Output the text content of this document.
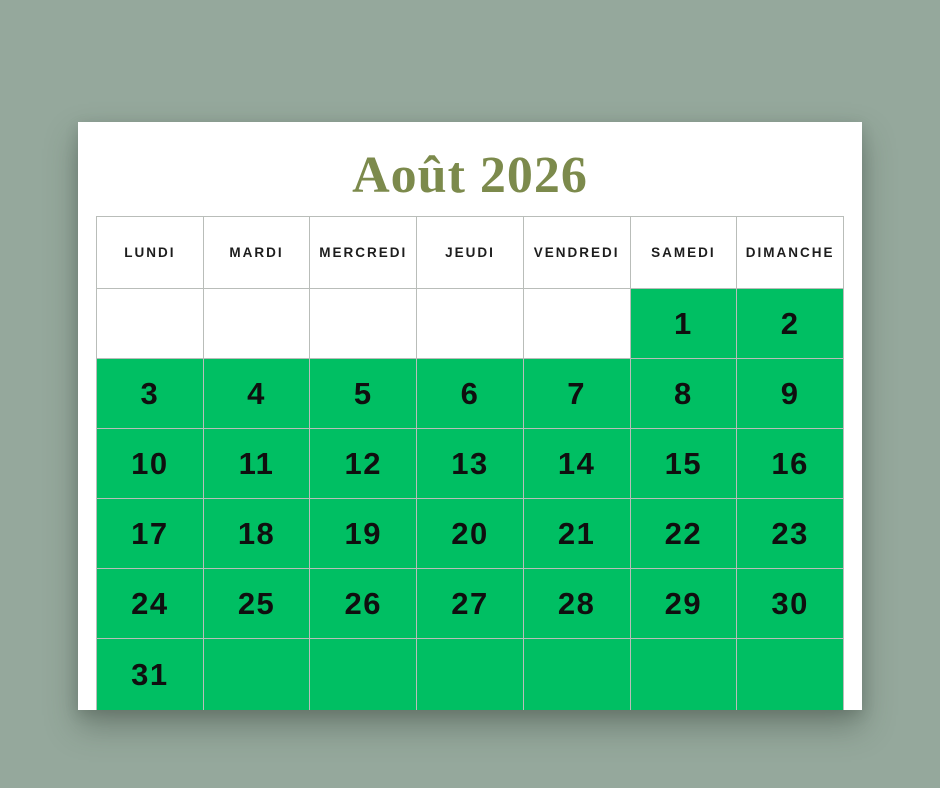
Août 2026
LUNDI	MARDI	MERCREDI	JEUDI	VENDREDI	SAMEDI	DIMANCHE
					1	2
3	4	5	6	7	8	9
10	11	12	13	14	15	16
17	18	19	20	21	22	23
24	25	26	27	28	29	30
31						
